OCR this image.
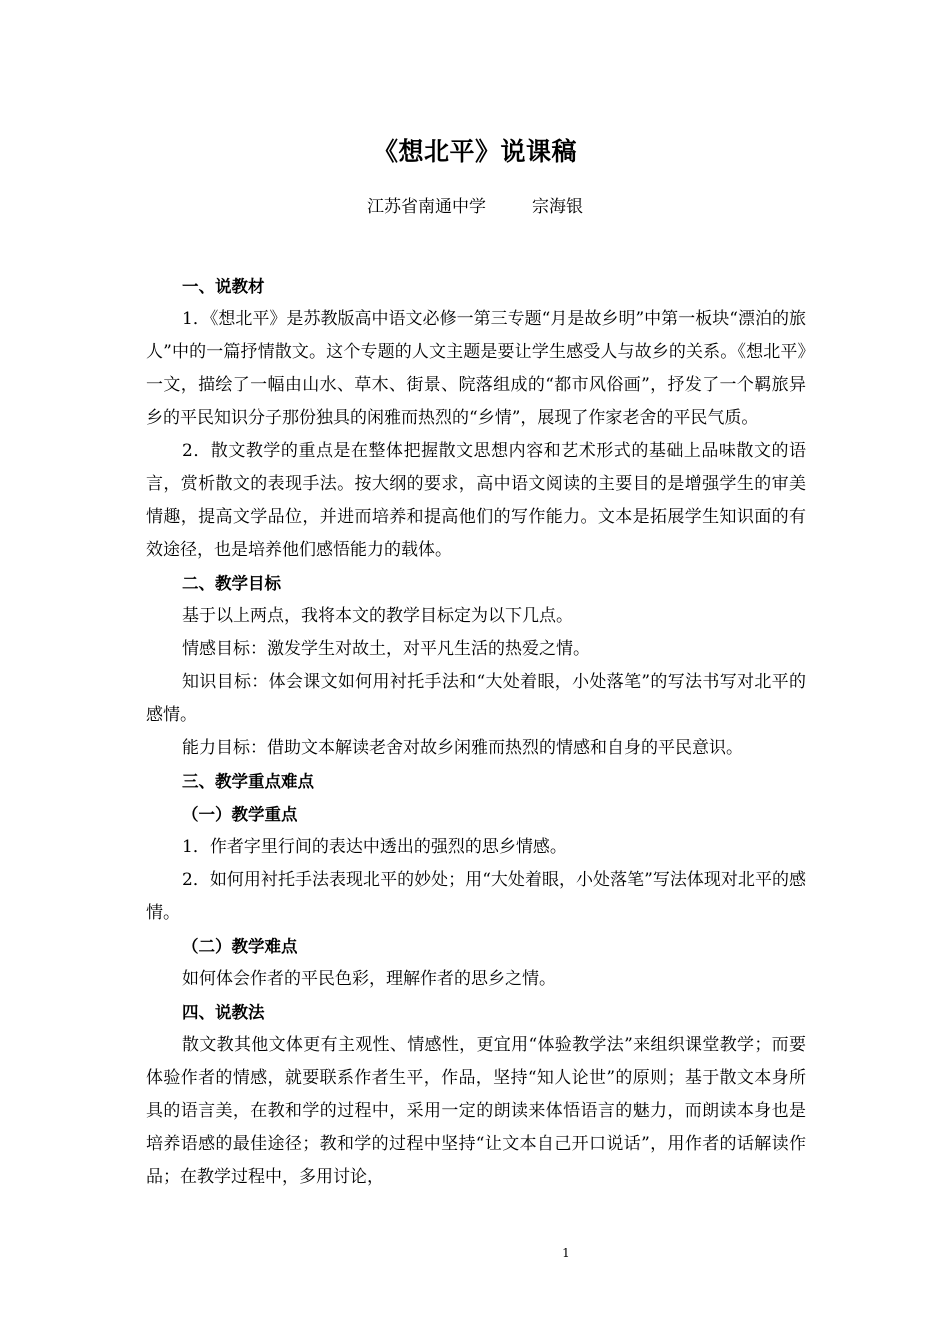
《想北平》说课稿
江苏省南通中学	宗海银

一、说教材

1．《想北平》是苏教版高中语文必修一第三专题“月是故乡明”中第一板块“漂泊的旅人”中的一篇抒情散文。这个专题的人文主题是要让学生感受人与故乡的关系。《想北平》一文，描绘了一幅由山水、草木、街景、院落组成的“都市风俗画”，抒发了一个羁旅异乡的平民知识分子那份独具的闲雅而热烈的“乡情”，展现了作家老舍的平民气质。

2．散文教学的重点是在整体把握散文思想内容和艺术形式的基础上品味散文的语言，赏析散文的表现手法。按大纲的要求，高中语文阅读的主要目的是增强学生的审美情趣，提高文学品位，并进而培养和提高他们的写作能力。文本是拓展学生知识面的有效途径，也是培养他们感悟能力的载体。

二、教学目标

基于以上两点，我将本文的教学目标定为以下几点。

情感目标：激发学生对故土，对平凡生活的热爱之情。

知识目标：体会课文如何用衬托手法和“大处着眼，小处落笔”的写法书写对北平的感情。

能力目标：借助文本解读老舍对故乡闲雅而热烈的情感和自身的平民意识。

三、教学重点难点

（一）教学重点

1．作者字里行间的表达中透出的强烈的思乡情感。

2．如何用衬托手法表现北平的妙处；用“大处着眼，小处落笔”写法体现对北平的感情。

（二）教学难点

如何体会作者的平民色彩，理解作者的思乡之情。

四、说教法

散文教其他文体更有主观性、情感性，更宜用“体验教学法”来组织课堂教学；而要体验作者的情感，就要联系作者生平，作品，坚持“知人论世”的原则；基于散文本身所具的语言美，在教和学的过程中，采用一定的朗读来体悟语言的魅力，而朗读本身也是培养语感的最佳途径；教和学的过程中坚持“让文本自己开口说话”，用作者的话解读作品；在教学过程中，多用讨论，

1
